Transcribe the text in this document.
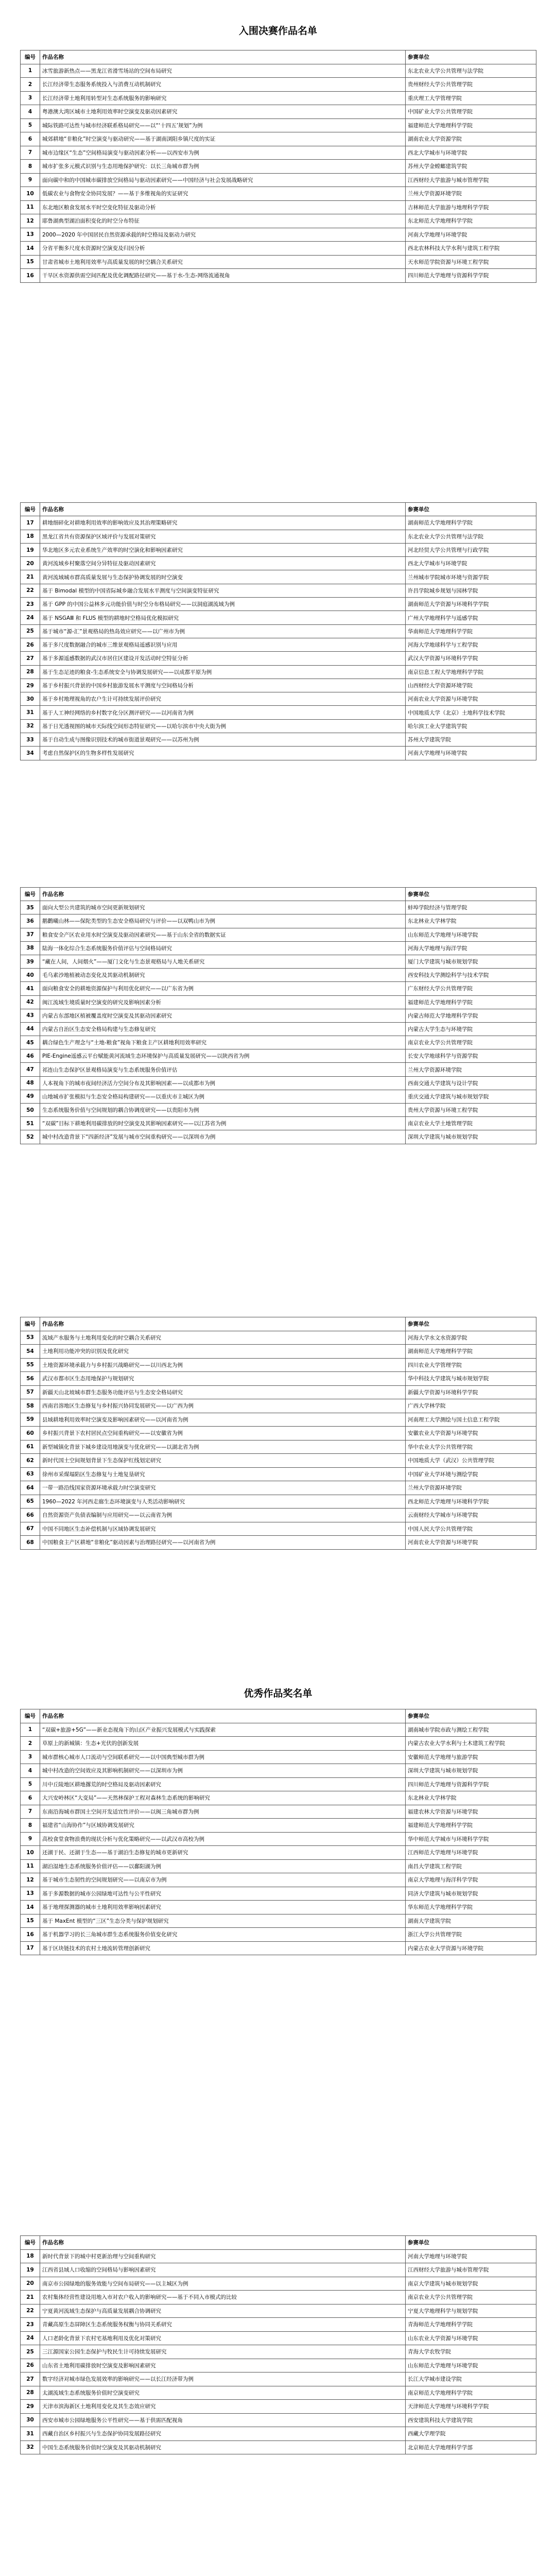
入围决赛作品名单
编号	作品名称	参赛单位
1	冰雪旅游新热点——黑龙江省滑雪场站的空间布局研究	东北农业大学公共管理与法学院
2	长江经济带生态服务系统投入与消费互动机制研究	贵州财经大学公共管理学院
3	长江经济带土地利用转型对生态系统服务的影响研究	重庆理工大学管理学院
4	粤港澳大湾区城市土地利用效率时空演变及驱动因素研究	中国矿业大学公共管理学院
5	城际铁路可达性与城市经济联系格局研究——以“‘十四五’规划”为例	福建师范大学地理科学学院
6	城郊耕地“非粮化”时空演变与驱动研究——基于湖南浏阳乡镇尺度的实证	湖南农业大学资源学院
7	城市边缘区“生态”空间格局演变与驱动因素分析——以西安市为例	西北大学城市与环境学院
8	城市扩张多元模式识别与生态用地保护研究：以长三角城市群为例	苏州大学金螳螂建筑学院
9	面向碳中和的中国城市碳排放空间格局与驱动因素研究——中国经济与社会发展战略研究	江西财经大学旅游与城市管理学院
10	低碳农业与食物安全协同发展？——基于多维视角的实证研究	兰州大学资源环境学院
11	东北地区粮食发展水平时空变化特征及驱动分析	吉林师范大学旅游与地理科学学院
12	耶鲁湖典型湖泊面积变化的时空分布特征	东北师范大学地理科学学院
13	2000—2020 年中国居民自然资源承载的时空格局及驱动力研究	河南大学地理与环境学院
14	分省平衡多尺度水资源时空演变及归因分析	西北农林科技大学水利与建筑工程学院
15	甘肃省城市土地利用效率与高质量发展的时空耦合关系研究	天水师范学院资源与环境工程学院
16	干旱区水资源供需空间匹配及优化调配路径研究——基于水-生态-网络流通视角	四川师范大学地理与资源科学学院
编号	作品名称	参赛单位
17	耕地细碎化对耕地利用效率的影响效应及其治理策略研究	湖南师范大学地理科学学院
18	黑龙江省共有资源保护区域评价与发展对策研究	东北农业大学公共管理与法学院
19	华北地区多元农业系统生产效率的时空演化和影响因素研究	河北经贸大学公共管理与行政学院
20	黄河流域乡村聚落空间分异特征及驱动因素研究	西北大学城市与环境学院
21	黄河流域城市群高质量发展与生态保护协调发展的时空演变	兰州城市学院城市环境与资源学院
22	基于 Bimodal 模型的中国省际城乡融合发展水平测度与空间演变特征研究	许昌学院城乡规划与园林学院
23	基于 GPP 的中国公益林多元功能价值与时空分布格局研究——以洞庭湖流域为例	湖南师范大学资源与环境科学学院
24	基于 NSGAⅢ 和 FLUS 模型的耕地时空格局优化模拟研究	广州大学地理科学与遥感学院
25	基于城市“源-汇”景观格局的热岛效应研究——以广州市为例	华南师范大学地理科学学院
26	基于多尺度数据融合的城市三维景观格局遥感识别与应用	河海大学地球科学与工程学院
27	基于多源遥感数据的武汉市居住区建设开发活动时空特征分析	武汉大学资源与环境科学学院
28	基于生态足迹的粮食-生态系统安全与协调发展研究——以成都平原为例	南京信息工程大学地理科学学院
29	基于乡村振兴背景的中国乡村旅游发展水平测度与空间格局分析	山西财经大学资源环境学院
30	基于乡村地理视角的农户生计可持续发展评价研究	河南农业大学资源与环境学院
31	基于人工神经网络的乡村数字化分区测评研究——以河南省为例	中国地质大学（北京）土地科学技术学院
32	基于日光透视图的城市天际线空间形态特征研究——以哈尔滨市中央大街为例	哈尔滨工业大学建筑学院
33	基于自动生成与图像识别技术的城市街道景观研究——以苏州为例	苏州大学建筑学院
34	考虑自然保护区的生物多样性发展研究	河南大学地理与环境学院
编号	作品名称	参赛单位
35	面向大型公共建筑的城市空间更新规划研究	蚌埠学院经济与管理学院
36	鹅鹳曦山林——保陀类型的生态安全格局研究与评价——以双鸭山市为例	东北林业大学林学院
37	粮食安全产区农业用水时空演变及驱动因素研究——基于山东全省的数据实证	山东师范大学地理与环境学院
38	陆海一体化综合生态系统服务价值评估与空间格局研究	河海大学地理与海洋学院
39	“藏在人间，人间烟火”——厦门文化与生态景观格局与人地关系研究	厦门大学建筑与城市规划学院
40	毛乌素沙地植被动态变化及其驱动机制研究	西安科技大学测绘科学与技术学院
41	面向粮食安全的耕地资源保护与利用优化研究——以广东省为例	广东财经大学公共管理学院
42	闽江流域生境质量时空演变的研究及影响因素分析	福建师范大学地理科学学院
43	内蒙古东部地区植被覆盖度时空演变及其驱动因素研究	内蒙古师范大学地理科学学院
44	内蒙古自治区生态安全格局构建与生态修复研究	内蒙古大学生态与环境学院
45	耦合绿色生产理念与“土地-粮食”视角下粮食主产区耕地利用效率研究	南京农业大学公共管理学院
46	PIE-Engine遥感云平台赋能黄河流域生态环境保护与高质量发展研究——以陕西省为例	长安大学地球科学与资源学院
47	祁连山生态保护区景观格局演变与生态系统服务价值评估	兰州大学资源环境学院
48	人本视角下的城市夜间经济活力空间分布及其影响因素——以成都市为例	西南交通大学建筑与设计学院
49	山地城市扩张模拟与生态安全格局构建研究——以重庆市主城区为例	重庆交通大学建筑与城市规划学院
50	生态系统服务价值与空间规划的耦合协调度研究——以贵阳市为例	贵州大学资源与环境工程学院
51	“双碳”目标下耕地利用碳排放的时空演变及其影响因素研究——以江苏省为例	南京农业大学土地管理学院
52	城中村改造背景下“四新经济”发展与城市空间重构研究——以深圳市为例	深圳大学建筑与城市规划学院
编号	作品名称	参赛单位
53	流域产水服务与土地利用变化的时空耦合关系研究	河海大学水文水资源学院
54	土地利用功能冲突的识别及优化研究	湖南师范大学地理科学学院
55	土地资源环境承载力与乡村振兴战略研究——以川西北为例	四川农业大学管理学院
56	武汉市都市区生态用地保护与规划研究	华中科技大学建筑与城市规划学院
57	新疆天山北坡城市群生态服务功能评估与生态安全格局研究	新疆大学资源与环境科学学院
58	西南岩溶地区生态修复与乡村振兴协同发展研究——以广西为例	广西大学林学院
59	县域耕地利用效率时空演变及影响因素研究——以河南省为例	河南理工大学测绘与国土信息工程学院
60	乡村振兴背景下农村居民点空间重构研究——以安徽省为例	安徽农业大学资源与环境学院
61	新型城镇化背景下城乡建设用地演变与优化研究——以湖北省为例	华中农业大学公共管理学院
62	新时代国土空间规划背景下生态保护红线划定研究	中国地质大学（武汉）公共管理学院
63	徐州市采煤塌陷区生态修复与土地复垦研究	中国矿业大学环境与测绘学院
64	一带一路沿线国家资源环境承载力时空演变研究	兰州大学资源环境学院
65	1960—2022 年河西走廊生态环境演变与人类活动影响研究	西北师范大学地理与环境科学学院
66	自然资源资产负债表编制与应用研究——以云南省为例	云南财经大学城市与环境学院
67	中国不同地区生态补偿机制与区域协调发展研究	中国人民大学公共管理学院
68	中国粮食主产区耕地“非粮化”驱动因素与治理路径研究——以河南省为例	河南农业大学资源与环境学院
优秀作品奖名单
编号	作品名称	参赛单位
1	“双碳+旅游+5G”——新业态视角下的山区产业振兴发展模式与实践探索	湖南城市学院市政与测绘工程学院
2	草原上的新城镇：生态+光伏的创新发展	内蒙古农业大学水利与土木建筑工程学院
3	城市群核心城市人口流动与空间联系研究——以中国典型城市群为例	安徽师范大学地理与旅游学院
4	城中村改造的空间效应及其影响机制研究——以深圳市为例	深圳大学建筑与城市规划学院
5	川中丘陵地区耕地撂荒的时空格局及驱动因素研究	四川师范大学地理与资源科学学院
6	大兴安岭林区“大变局”——天然林保护工程对森林生态系统的影响研究	东北林业大学林学院
7	东南沿海城市群国土空间开发适宜性评价——以闽三角城市群为例	福建农林大学资源与环境学院
8	福建省“山海协作”与区域协调发展研究	福建师范大学地理科学学院
9	高校食堂食物浪费的现状分析与优化策略研究——以武汉市高校为例	华中师范大学城市与环境科学学院
10	还湖于民、还湖于生态——基于湖泊生态修复的城市更新研究	江西师范大学地理与环境学院
11	湖泊湿地生态系统服务价值评估——以鄱阳湖为例	南昌大学建筑工程学院
12	基于城市生态韧性的空间规划研究——以南京市为例	南京大学地理与海洋科学学院
13	基于多源数据的城市公园绿地可达性与公平性研究	同济大学建筑与城市规划学院
14	基于地理探测器的城市土地利用效率影响因素研究	华东师范大学地理科学学院
15	基于 MaxEnt 模型的“三区”生态分类与保护规划研究	湖南大学建筑学院
16	基于机器学习的长三角城市群生态系统服务价值变化研究	浙江大学公共管理学院
17	基于区块链技术的农村土地流转管理创新研究	内蒙古农业大学资源与环境学院
编号	作品名称	参赛单位
18	新时代背景下的城中村更新治理与空间重构研究	河南大学地理与环境学院
19	江西省县域人口收缩的空间格局与影响因素研究	江西财经大学旅游与城市管理学院
20	南京市公园绿地的服务效能与空间布局研究——以主城区为例	南京大学建筑与城市规划学院
21	农村集体经营性建设用地入市对农户收入的影响研究——基于不同入市模式的比较	南京农业大学公共管理学院
22	宁夏黄河流域生态保护与高质量发展耦合协调研究	宁夏大学地理科学与规划学院
23	青藏高原生态屏障区生态系统服务权衡与协同关系研究	青海师范大学地理科学学院
24	人口老龄化背景下农村宅基地利用及优化对策研究	山东农业大学资源与环境学院
25	三江源国家公园生态保护与牧民生计可持续发展研究	青海大学农牧学院
26	山东省土地利用碳排放时空演变及影响因素研究	山东师范大学地理与环境学院
27	数字经济对城市绿色发展效率的影响研究——以长江经济带为例	长江大学城市建设学院
28	太湖流域生态系统服务价值时空演变研究	南京师范大学地理科学学院
29	天津市滨海新区土地利用变化及其生态效应研究	天津师范大学地理与环境科学学院
30	西安市城市公园绿地服务公平性研究——基于供需匹配视角	西安建筑科技大学建筑学院
31	西藏自治区乡村振兴与生态保护协同发展路径研究	西藏大学理学院
32	中国生态系统服务价值时空演变及其驱动机制研究	北京师范大学地理科学学部
